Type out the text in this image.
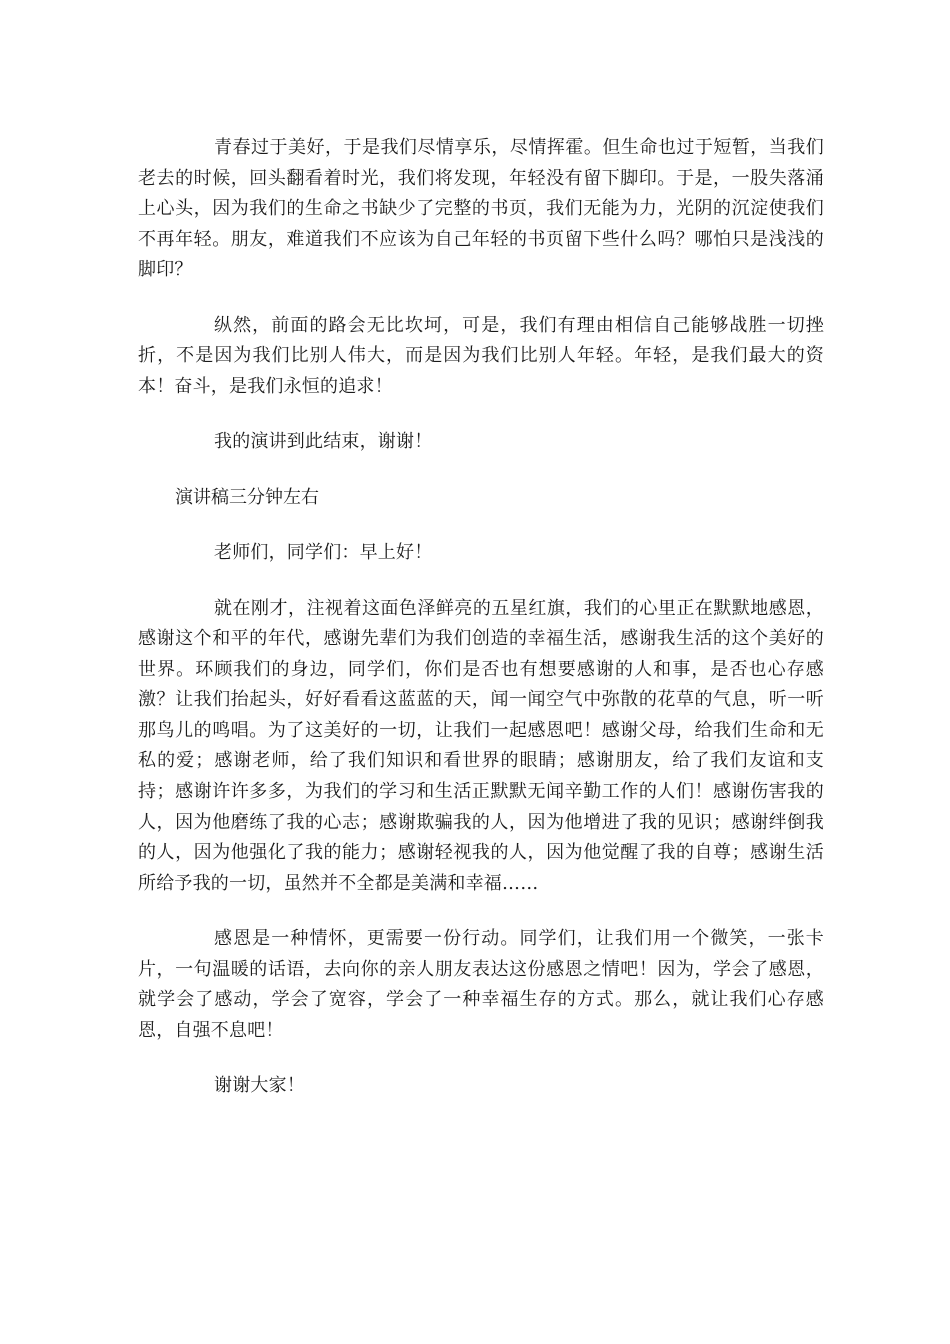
青春过于美好，于是我们尽情享乐，尽情挥霍。但生命也过于短暂，当我们老去的时候，回头翻看着时光，我们将发现，年轻没有留下脚印。于是，一股失落涌上心头，因为我们的生命之书缺少了完整的书页，我们无能为力，光阴的沉淀使我们不再年轻。朋友，难道我们不应该为自己年轻的书页留下些什么吗？哪怕只是浅浅的脚印？

纵然，前面的路会无比坎坷，可是，我们有理由相信自己能够战胜一切挫折，不是因为我们比别人伟大，而是因为我们比别人年轻。年轻，是我们最大的资本！奋斗，是我们永恒的追求！

我的演讲到此结束，谢谢！

演讲稿三分钟左右

老师们，同学们：早上好！

就在刚才，注视着这面色泽鲜亮的五星红旗，我们的心里正在默默地感恩，感谢这个和平的年代，感谢先辈们为我们创造的幸福生活，感谢我生活的这个美好的世界。环顾我们的身边，同学们，你们是否也有想要感谢的人和事，是否也心存感激？让我们抬起头，好好看看这蓝蓝的天，闻一闻空气中弥散的花草的气息，听一听那鸟儿的鸣唱。为了这美好的一切，让我们一起感恩吧！感谢父母，给我们生命和无私的爱；感谢老师，给了我们知识和看世界的眼睛；感谢朋友，给了我们友谊和支持；感谢许许多多，为我们的学习和生活正默默无闻辛勤工作的人们！感谢伤害我的人，因为他磨练了我的心志；感谢欺骗我的人，因为他增进了我的见识；感谢绊倒我的人，因为他强化了我的能力；感谢轻视我的人，因为他觉醒了我的自尊；感谢生活所给予我的一切，虽然并不全都是美满和幸福……

感恩是一种情怀，更需要一份行动。同学们，让我们用一个微笑，一张卡片，一句温暖的话语，去向你的亲人朋友表达这份感恩之情吧！因为，学会了感恩，就学会了感动，学会了宽容，学会了一种幸福生存的方式。那么，就让我们心存感恩，自强不息吧！

谢谢大家！
